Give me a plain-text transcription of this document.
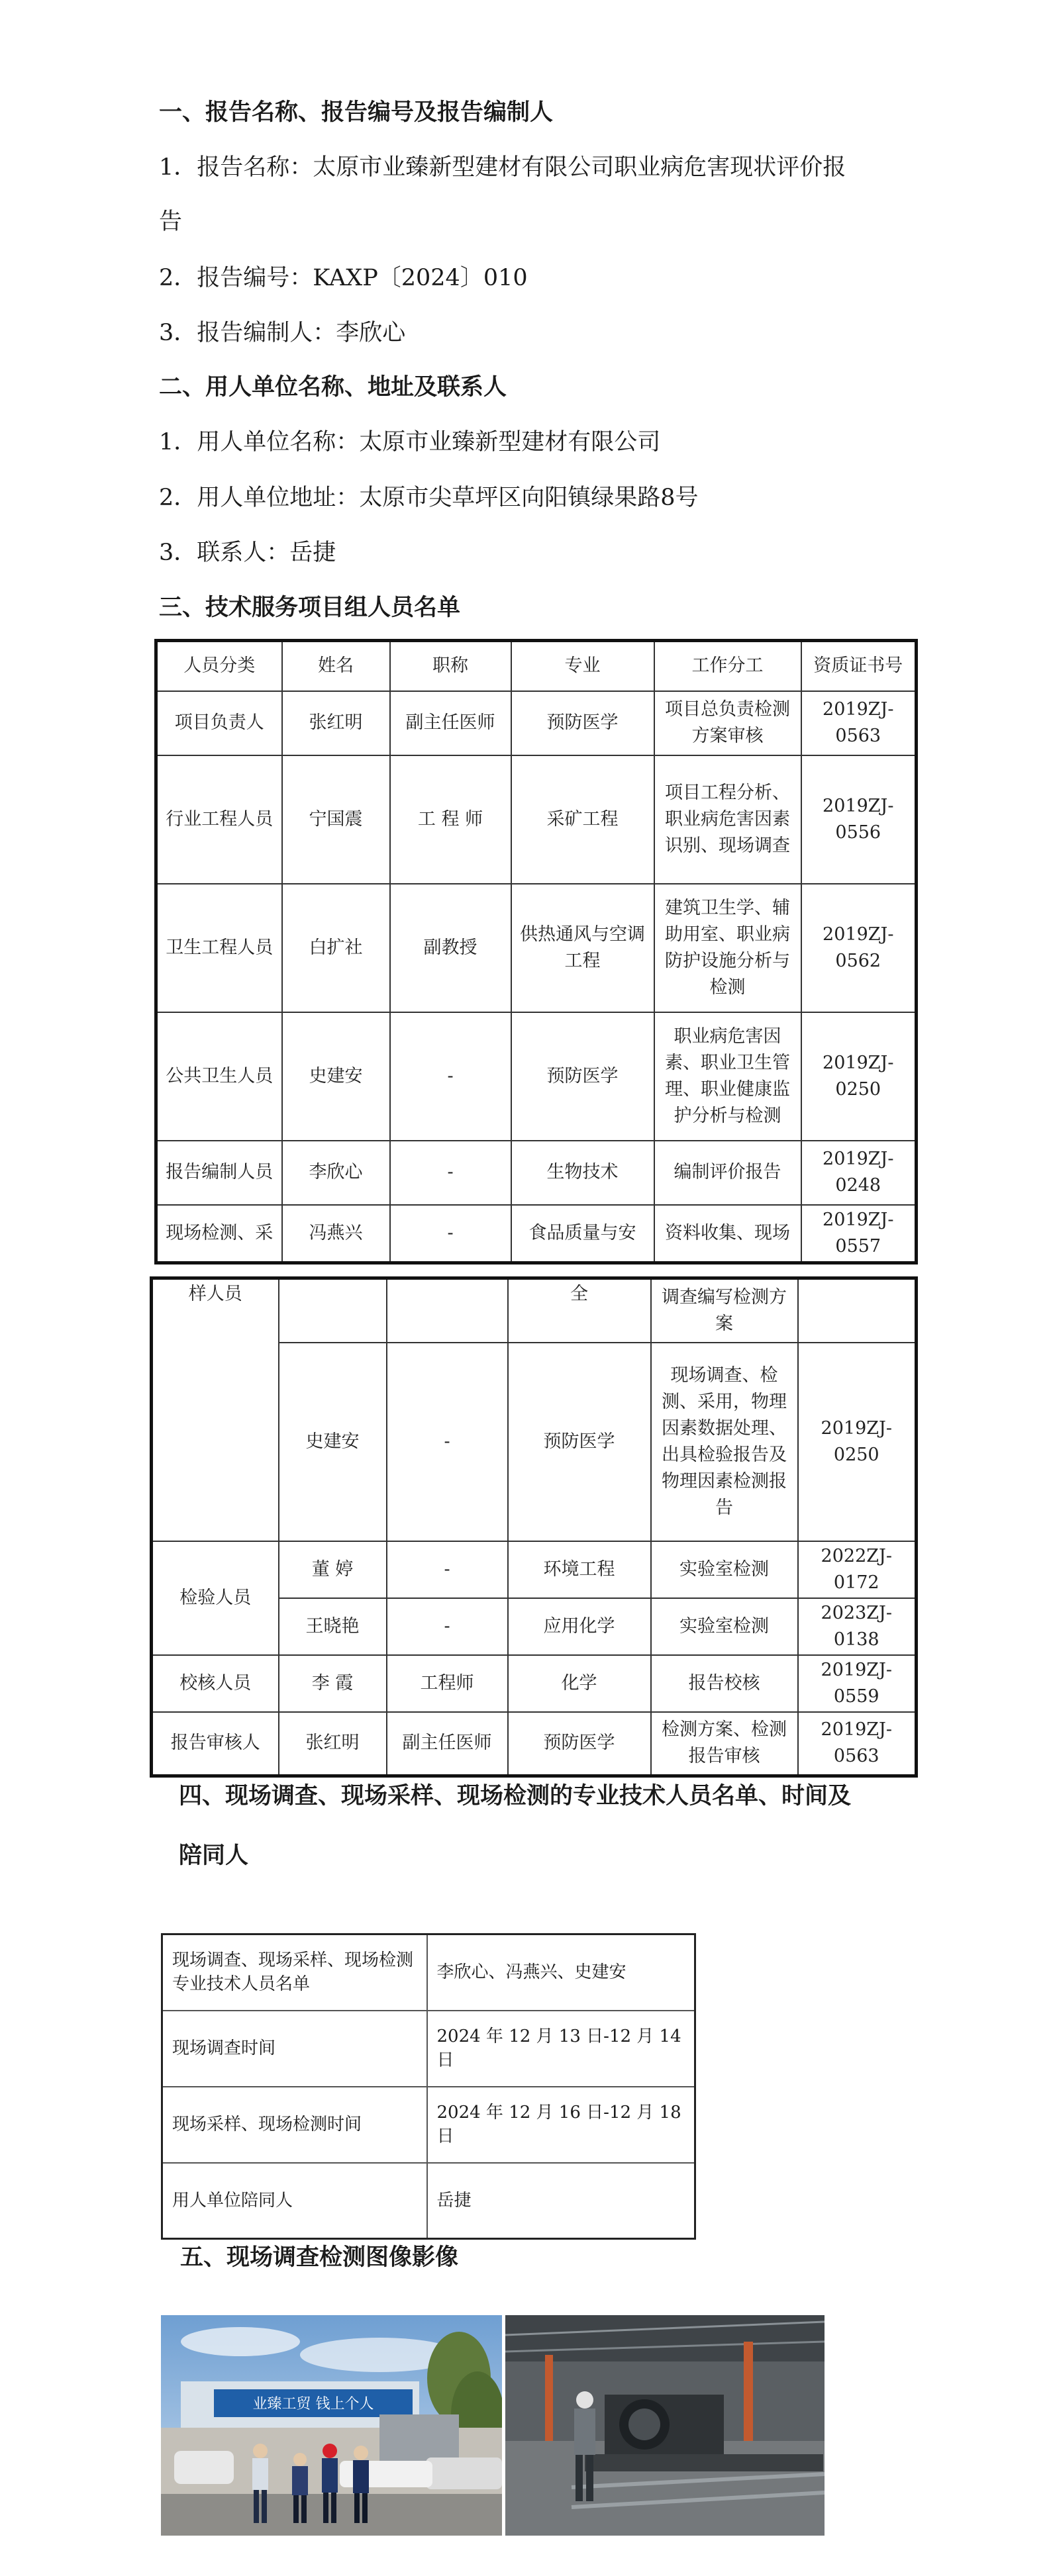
一、报告名称、报告编号及报告编制人
1．报告名称：太原市业臻新型建材有限公司职业病危害现状评价报
告
2．报告编号：KAXP〔2024〕010
3．报告编制人：李欣心
二、用人单位名称、地址及联系人
1．用人单位名称：太原市业臻新型建材有限公司
2．用人单位地址：太原市尖草坪区向阳镇绿果路8号
3．联系人：岳捷
三、技术服务项目组人员名单
人员分类	姓名	职称	专业	工作分工	资质证书号
项目负责人	张红明	副主任医师	预防医学	项目总负责检测方案审核	2019ZJ-0563
行业工程人员	宁国震	工 程 师	采矿工程	项目工程分析、职业病危害因素识别、现场调查	2019ZJ-0556
卫生工程人员	白扩社	副教授	供热通风与空调工程	建筑卫生学、辅助用室、职业病防护设施分析与检测	2019ZJ-0562
公共卫生人员	史建安	-	预防医学	职业病危害因素、职业卫生管理、职业健康监护分析与检测	2019ZJ-0250
报告编制人员	李欣心	-	生物技术	编制评价报告	2019ZJ-0248
现场检测、采	冯燕兴	-	食品质量与安	资料收集、现场	2019ZJ-0557
样人员			全	调查编写检测方案	
	史建安	-	预防医学	现场调查、检测、采用，物理因素数据处理、出具检验报告及物理因素检测报告	2019ZJ-0250
检验人员	董 婷	-	环境工程	实验室检测	2022ZJ-0172
	王晓艳	-	应用化学	实验室检测	2023ZJ-0138
校核人员	李 霞	工程师	化学	报告校核	2019ZJ-0559
报告审核人	张红明	副主任医师	预防医学	检测方案、检测报告审核	2019ZJ-0563
四、现场调查、现场采样、现场检测的专业技术人员名单、时间及
陪同人
现场调查、现场采样、现场检测专业技术人员名单	李欣心、冯燕兴、史建安
现场调查时间	2024 年 12 月 13 日-12 月 14 日
现场采样、现场检测时间	2024 年 12 月 16 日-12 月 18 日
用人单位陪同人	岳捷
五、现场调查检测图像影像
业臻工贸 钱上个人
